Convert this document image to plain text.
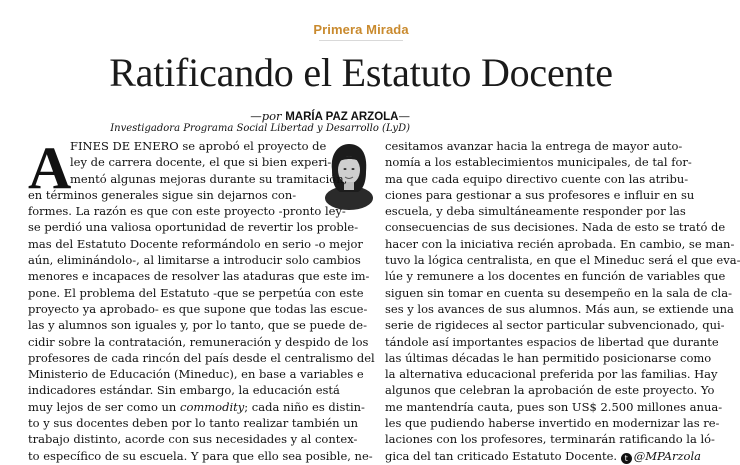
Primera Mirada
Ratificando el Estatuto Docente
—por MARÍA PAZ ARZOLA—
Investigadora Programa Social Libertad y Desarrollo (LyD)
A
FINES DE ENERO se aprobó el proyecto de
ley de carrera docente, el que si bien experi-
mentó algunas mejoras durante su tramitación,
en términos generales sigue sin dejarnos con-
formes. La razón es que con este proyecto -pronto ley-
se perdió una valiosa oportunidad de revertir los proble-
mas del Estatuto Docente reformándolo en serio -o mejor
aún, eliminándolo-, al limitarse a introducir solo cambios
menores e incapaces de resolver las ataduras que este im-
pone. El problema del Estatuto -que se perpetúa con este
proyecto ya aprobado- es que supone que todas las escue-
las y alumnos son iguales y, por lo tanto, que se puede de-
cidir sobre la contratación, remuneración y despido de los
profesores de cada rincón del país desde el centralismo del
Ministerio de Educación (Mineduc), en base a variables e
indicadores estándar. Sin embargo, la educación está
muy lejos de ser como un commodity; cada niño es distin-
to y sus docentes deben por lo tanto realizar también un
trabajo distinto, acorde con sus necesidades y al contex-
to específico de su escuela. Y para que ello sea posible, ne-
cesitamos avanzar hacia la entrega de mayor auto-
nomía a los establecimientos municipales, de tal for-
ma que cada equipo directivo cuente con las atribu-
ciones para gestionar a sus profesores e influir en su
escuela, y deba simultáneamente responder por las
consecuencias de sus decisiones. Nada de esto se trató de
hacer con la iniciativa recién aprobada. En cambio, se man-
tuvo la lógica centralista, en que el Mineduc será el que eva-
lúe y remunere a los docentes en función de variables que
siguen sin tomar en cuenta su desempeño en la sala de cla-
ses y los avances de sus alumnos. Más aun, se extiende una
serie de rigideces al sector particular subvencionado, qui-
tándole así importantes espacios de libertad que durante
las últimas décadas le han permitido posicionarse como
la alternativa educacional preferida por las familias. Hay
algunos que celebran la aprobación de este proyecto. Yo
me mantendría cauta, pues son US$ 2.500 millones anua-
les que pudiendo haberse invertido en modernizar las re-
laciones con los profesores, terminarán ratificando la ló-
gica del tan criticado Estatuto Docente. t @MPArzola
